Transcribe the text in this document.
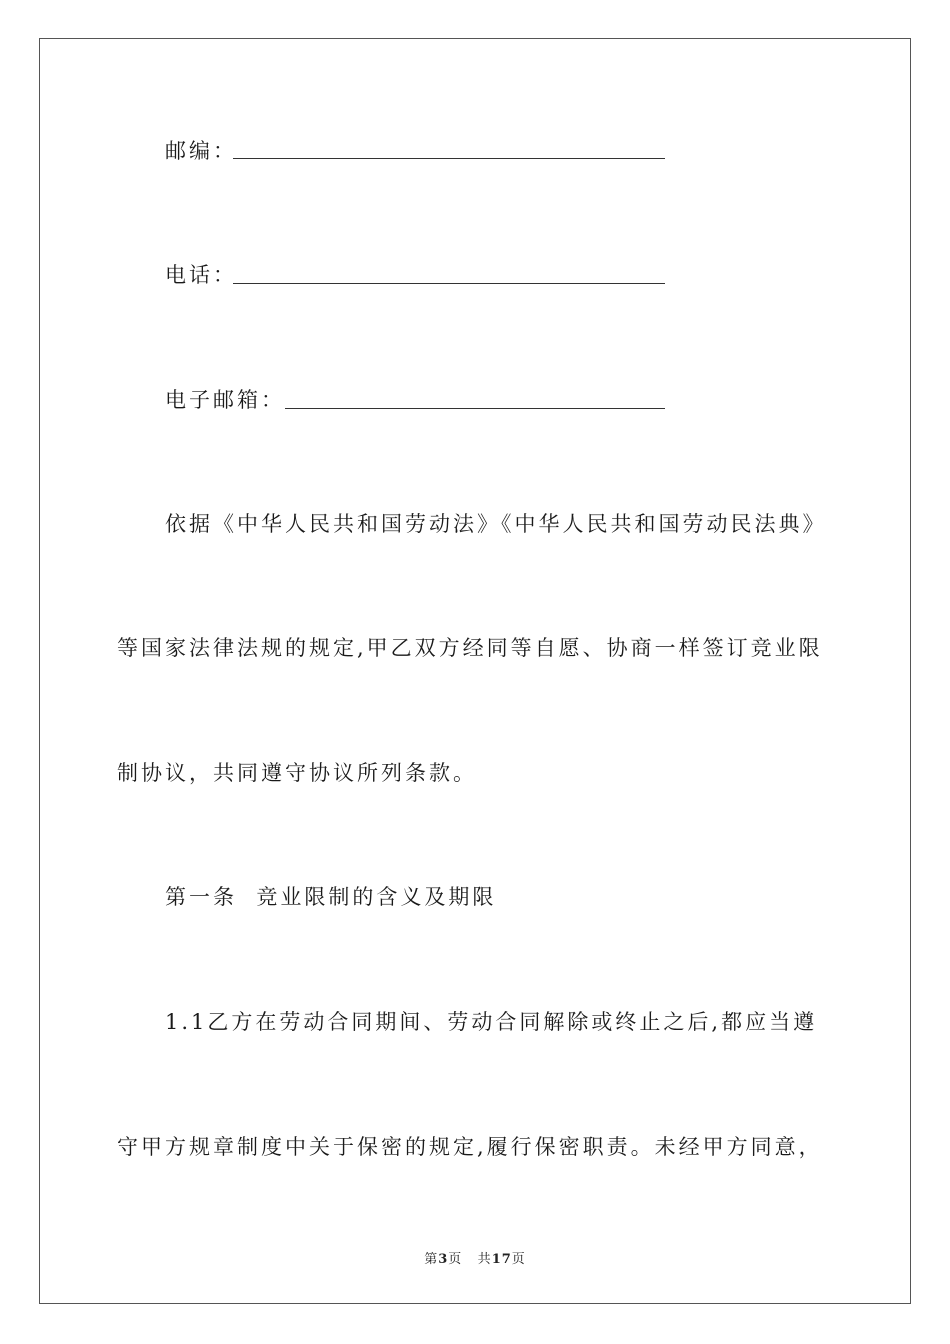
邮编：
电话：
电子邮箱：
依据《中华人民共和国劳动法》《中华人民共和国劳动民法典》
等国家法律法规的规定,甲乙双方经同等自愿、协商一样签订竞业限
制协议，共同遵守协议所列条款。
第一条  竞业限制的含义及期限
1.1乙方在劳动合同期间、劳动合同解除或终止之后,都应当遵
守甲方规章制度中关于保密的规定,履行保密职责。未经甲方同意，
第3页 共17页
